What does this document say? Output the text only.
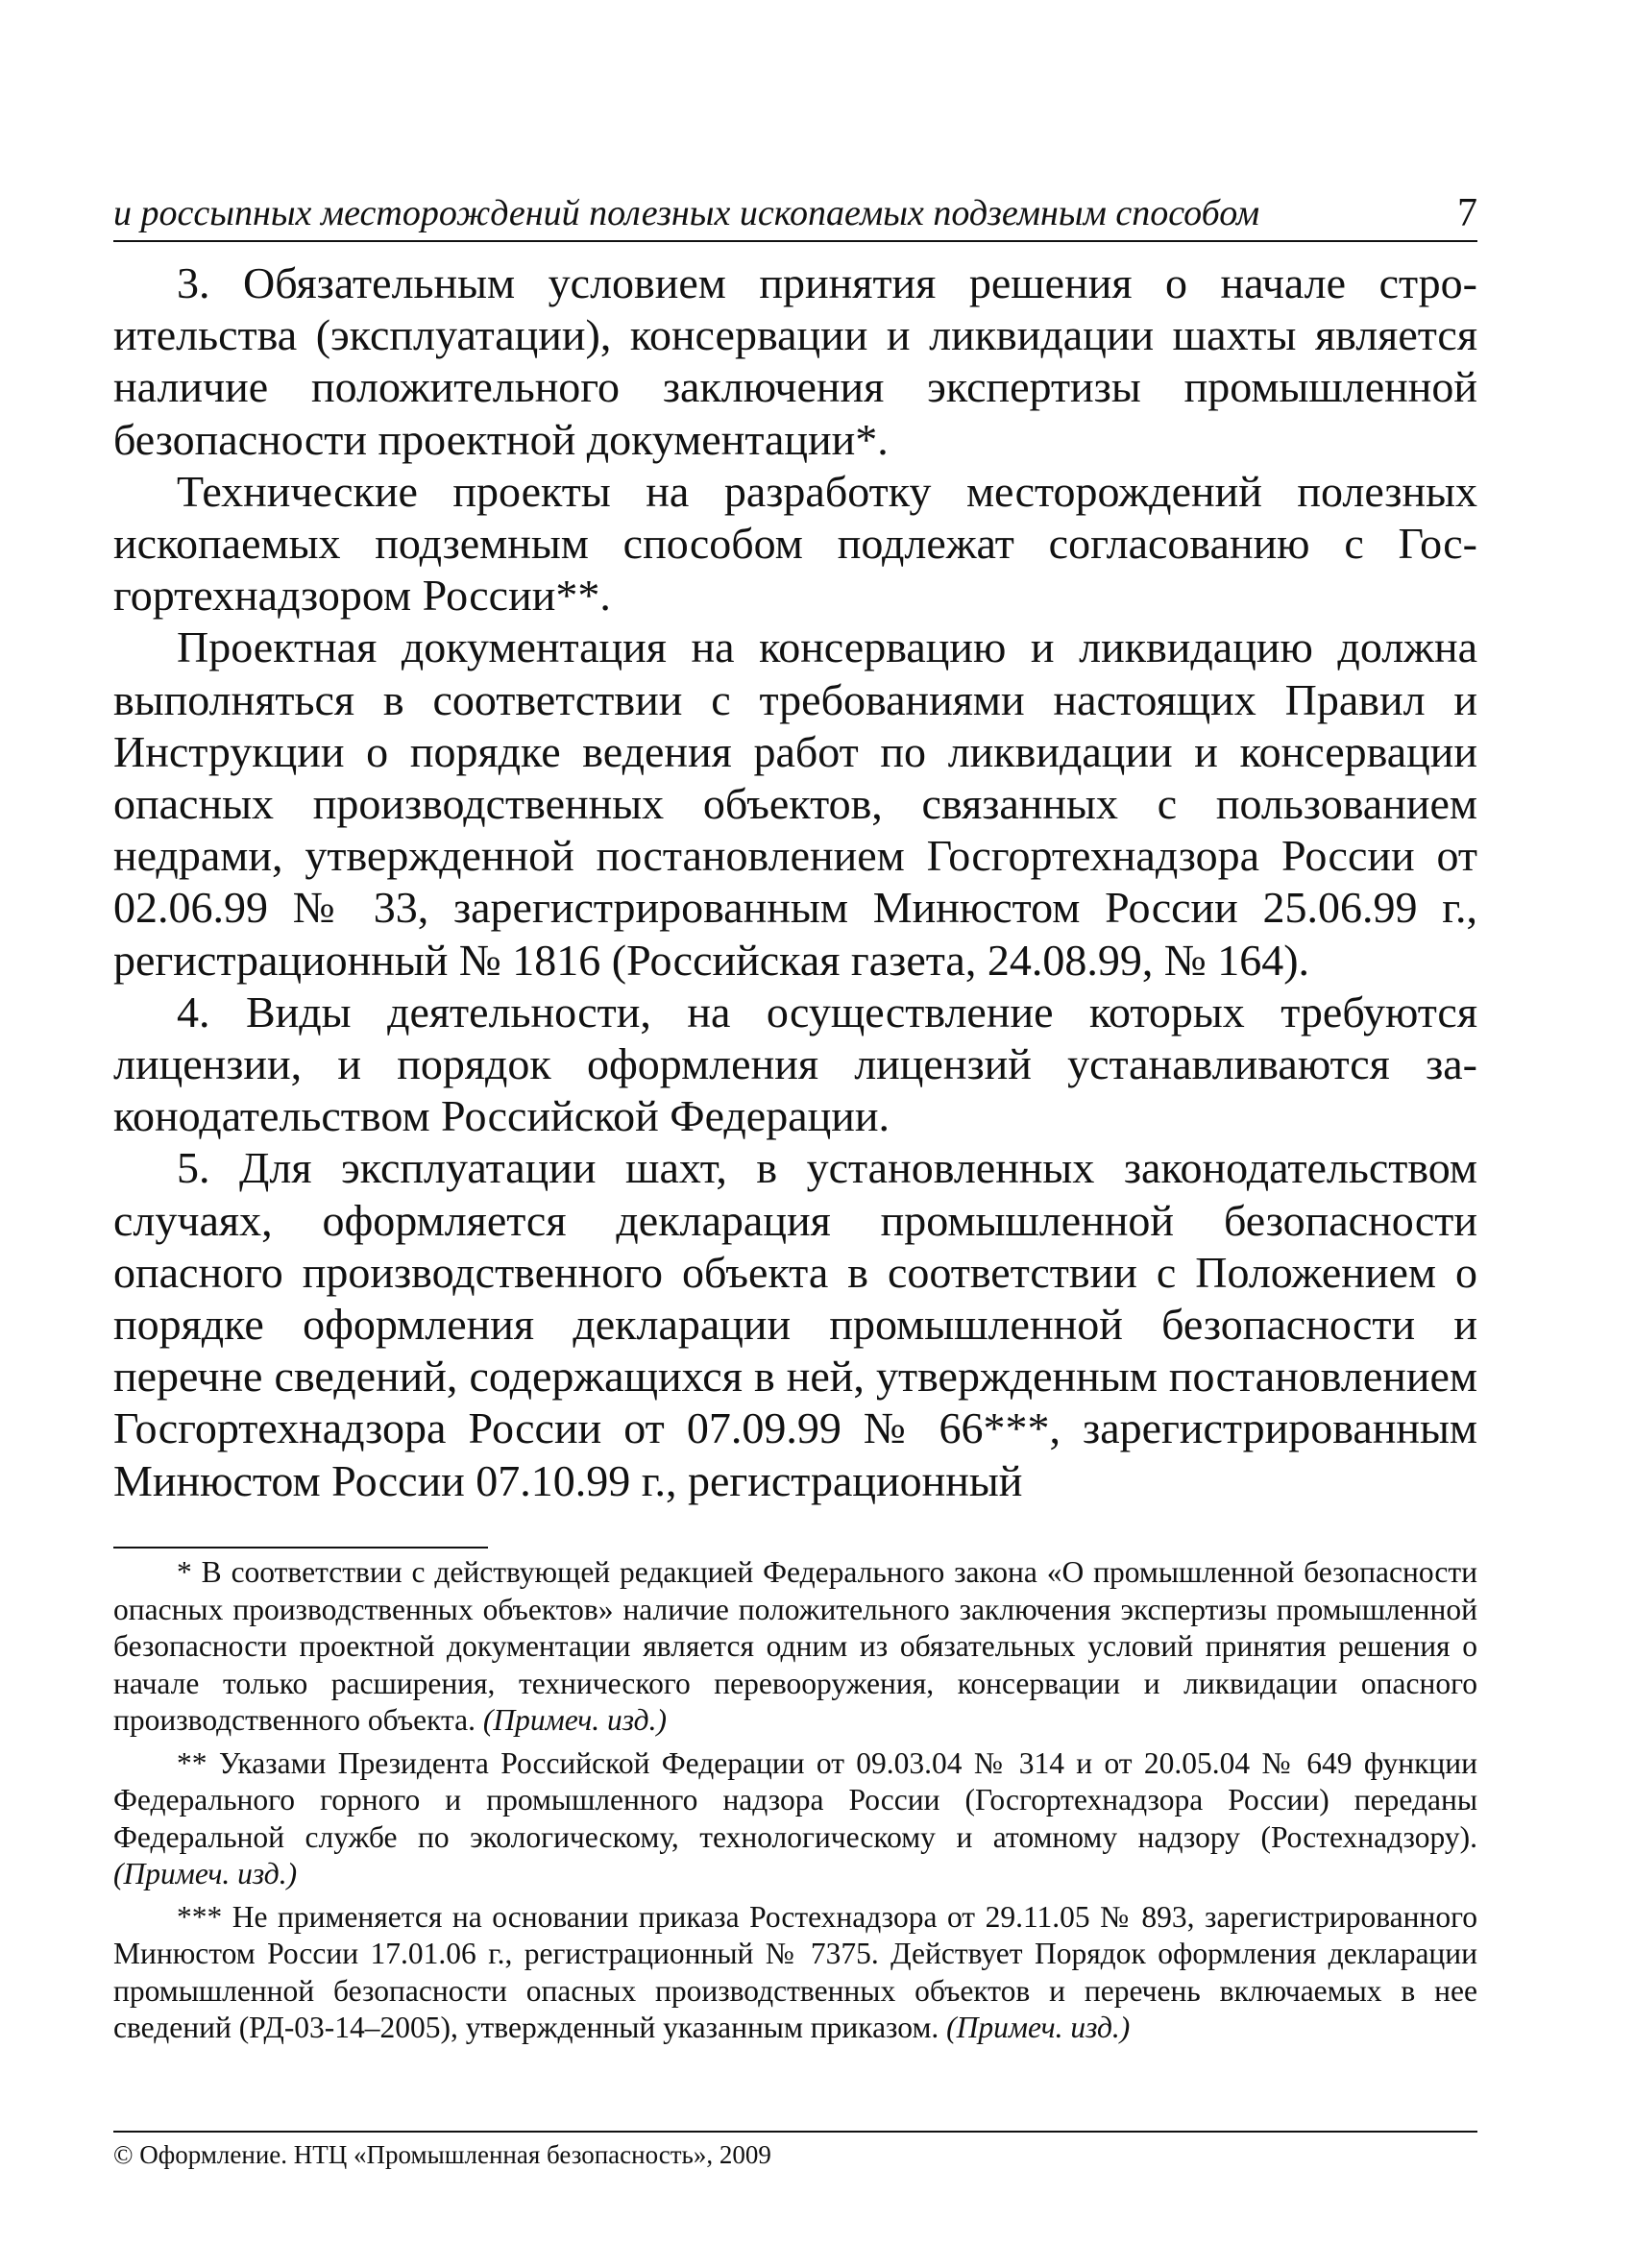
и россыпных месторождений полезных ископаемых подземным способом	7

3. Обязательным условием принятия решения о начале строительства (эксплуатации), консервации и ликвидации шахты является наличие положительного заключения экспертизы промышленной безопасности проектной документации*.

Технические проекты на разработку месторождений полезных ископаемых подземным способом подлежат согласованию с Госгортехнадзором России**.

Проектная документация на консервацию и ликвидацию должна выполняться в соответствии с требованиями настоящих Правил и Инструкции о порядке ведения работ по ликвидации и консервации опасных производственных объектов, связанных с пользованием недрами, утвержденной постановлением Госгортехнадзора России от 02.06.99 № 33, зарегистрированным Минюстом России 25.06.99 г., регистрационный № 1816 (Российская газета, 24.08.99, № 164).

4. Виды деятельности, на осуществление которых требуются лицензии, и порядок оформления лицензий устанавливаются законодательством Российской Федерации.

5. Для эксплуатации шахт, в установленных законодательством случаях, оформляется декларация промышленной безопасности опасного производственного объекта в соответствии с Положением о порядке оформления декларации промышленной безопасности и перечне сведений, содержащихся в ней, утвержденным постановлением Госгортехнадзора России от 07.09.99 № 66***, зарегистрированным Минюстом России 07.10.99 г., регистрационный

* В соответствии с действующей редакцией Федерального закона «О промышленной безопасности опасных производственных объектов» наличие положительного заключения экспертизы промышленной безопасности проектной документации является одним из обязательных условий принятия решения о начале только расширения, технического перевооружения, консервации и ликвидации опасного производственного объекта. (Примеч. изд.)

** Указами Президента Российской Федерации от 09.03.04 № 314 и от 20.05.04 № 649 функции Федерального горного и промышленного надзора России (Госгортехнадзора России) переданы Федеральной службе по экологическому, технологическому и атомному надзору (Ростехнадзору). (Примеч. изд.)

*** Не применяется на основании приказа Ростехнадзора от 29.11.05 № 893, зарегистрированного Минюстом России 17.01.06 г., регистрационный № 7375. Действует Порядок оформления декларации промышленной безопасности опасных производственных объектов и перечень включаемых в нее сведений (РД-03-14–2005), утвержденный указанным приказом. (Примеч. изд.)

© Оформление. НТЦ «Промышленная безопасность», 2009
